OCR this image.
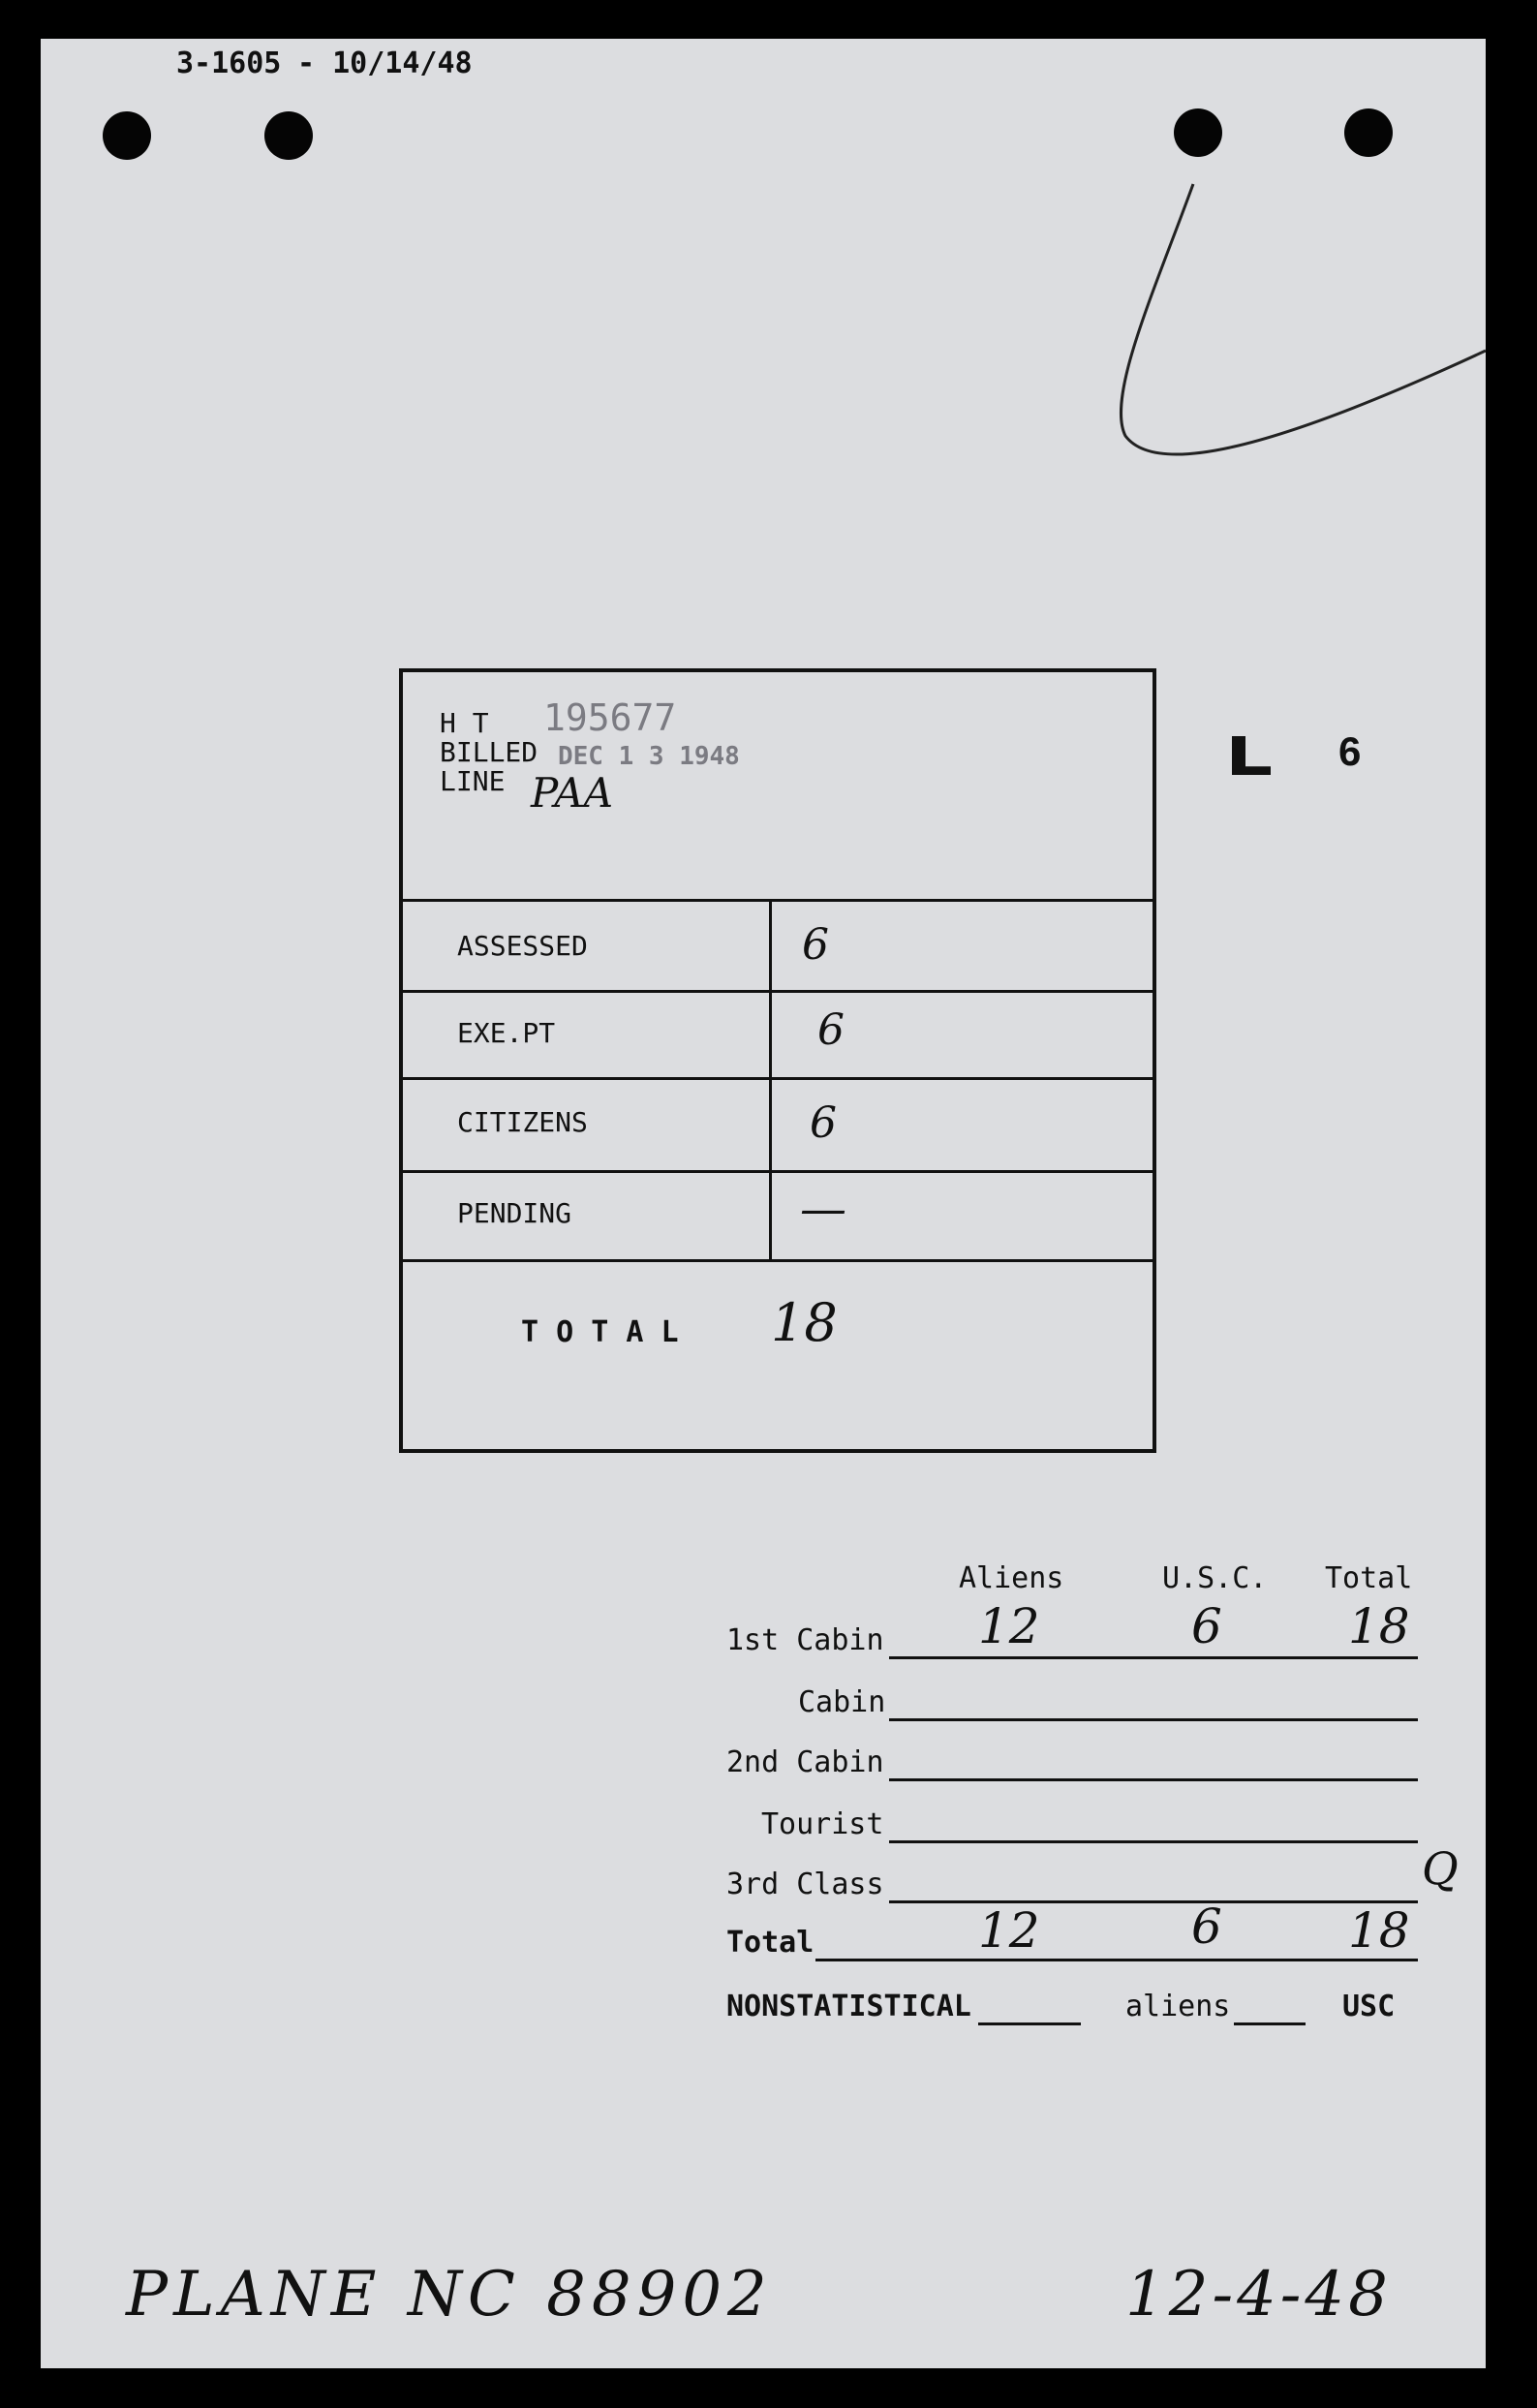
3-1605 - 10/14/48
H T
BILLED
LINE
195677
DEC 1 3 1948
PAA
ASSESSED	6
EXE.PT	6
CITIZENS	6
PENDING	—
T O T A L 18
6
Aliens	U.S.C. Total
1st Cabin 12	6	18
Cabin
2nd Cabin
Tourist
3rd Class	Q
Total	12	6	18
NONSTATISTICAL	aliens	USC
PLANE NC 88902	12-4-48
